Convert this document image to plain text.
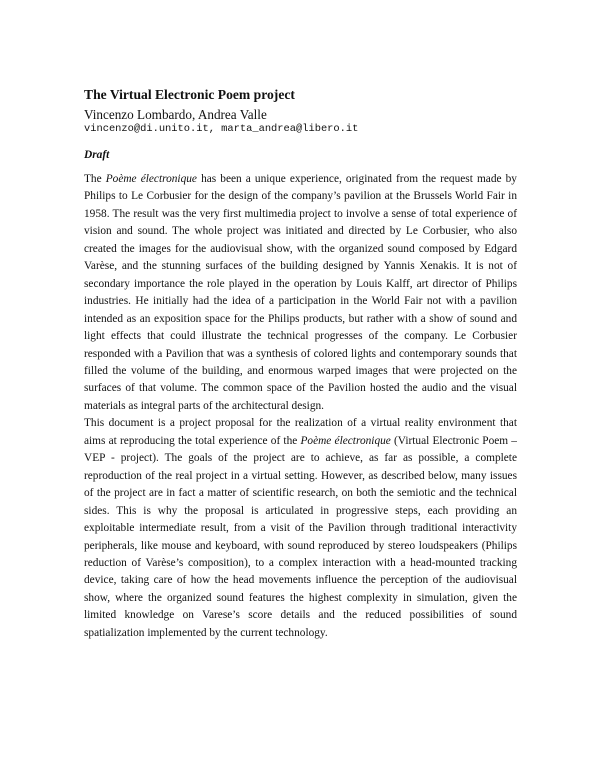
The Virtual Electronic Poem project
Vincenzo Lombardo, Andrea Valle
vincenzo@di.unito.it, marta_andrea@libero.it
Draft

The Poème électronique has been a unique experience, originated from the request made by Philips to Le Corbusier for the design of the company’s pavilion at the Brussels World Fair in 1958. The result was the very first multimedia project to involve a sense of total experience of vision and sound. The whole project was initiated and directed by Le Corbusier, who also created the images for the audiovisual show, with the organized sound composed by Edgard Varèse, and the stunning surfaces of the building designed by Yannis Xenakis. It is not of secondary importance the role played in the operation by Louis Kalff, art director of Philips industries. He initially had the idea of a participation in the World Fair not with a pavilion intended as an exposition space for the Philips products, but rather with a show of sound and light effects that could illustrate the technical progresses of the company. Le Corbusier responded with a Pavilion that was a synthesis of colored lights and contemporary sounds that filled the volume of the building, and enormous warped images that were projected on the surfaces of that volume. The common space of the Pavilion hosted the audio and the visual materials as integral parts of the architectural design.

This document is a project proposal for the realization of a virtual reality environment that aims at reproducing the total experience of the Poème électronique (Virtual Electronic Poem – VEP - project). The goals of the project are to achieve, as far as possible, a complete reproduction of the real project in a virtual setting. However, as described below, many issues of the project are in fact a matter of scientific research, on both the semiotic and the technical sides. This is why the proposal is articulated in progressive steps, each providing an exploitable intermediate result, from a visit of the Pavilion through traditional interactivity peripherals, like mouse and keyboard, with sound reproduced by stereo loudspeakers (Philips reduction of Varèse’s composition), to a complex interaction with a head-mounted tracking device, taking care of how the head movements influence the perception of the audiovisual show, where the organized sound features the highest complexity in simulation, given the limited knowledge on Varese’s score details and the reduced possibilities of sound spatialization implemented by the current technology.
